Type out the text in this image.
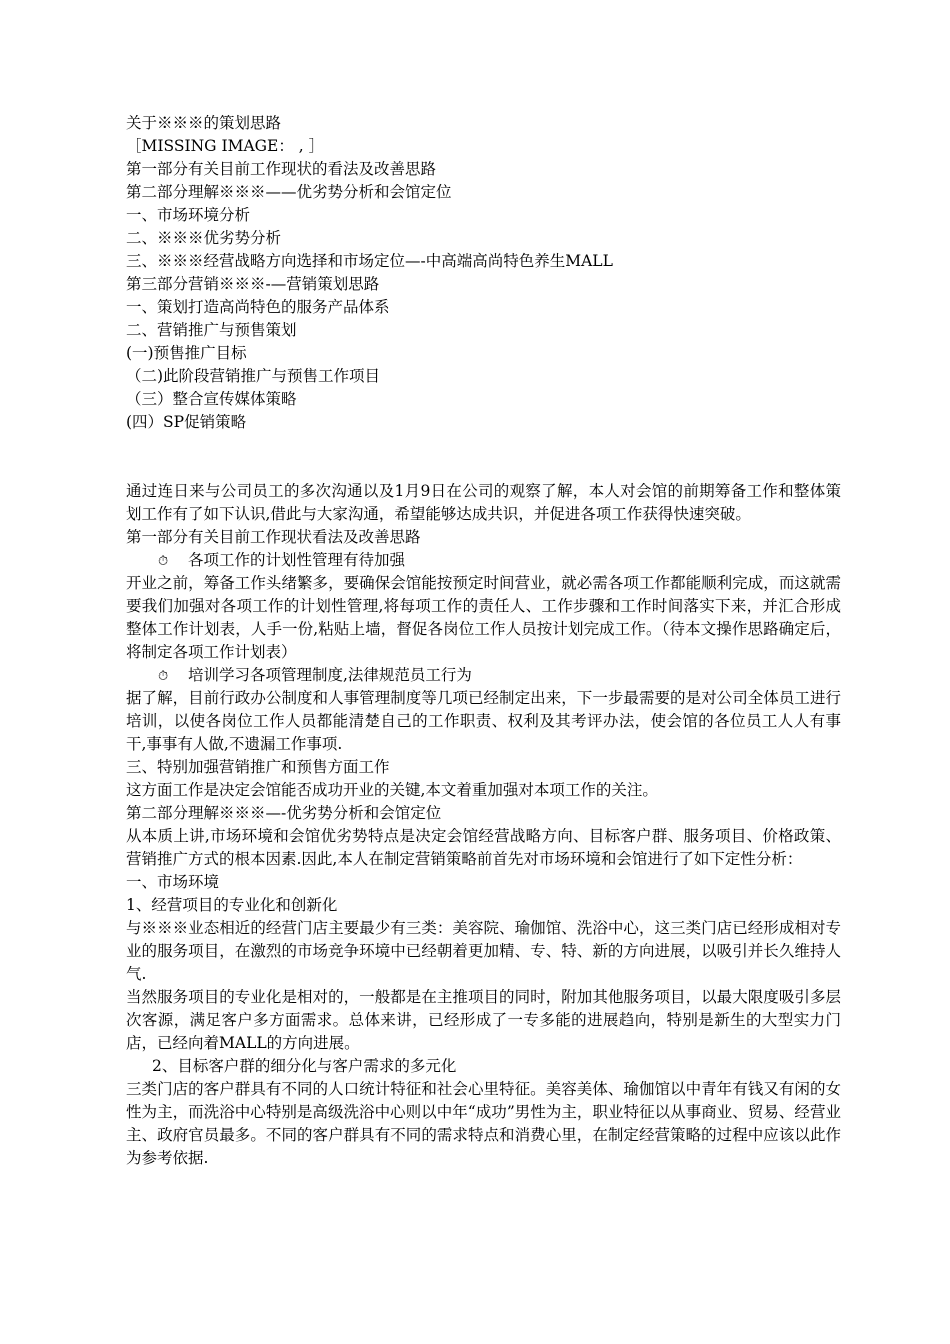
关于※※※的策划思路
［MISSING IMAGE： , ］
第一部分有关目前工作现状的看法及改善思路
第二部分理解※※※——优劣势分析和会馆定位
一、市场环境分析
二、※※※优劣势分析
三、※※※经营战略方向选择和市场定位—-中高端高尚特色养生MALL
第三部分营销※※※-—营销策划思路
一、策划打造高尚特色的服务产品体系
二、营销推广与预售策划
(一)预售推广目标
（二)此阶段营销推广与预售工作项目
（三）整合宣传媒体策略
(四）SP促销策略
通过连日来与公司员工的多次沟通以及1月9日在公司的观察了解，本人对会馆的前期筹备工作和整体策划工作有了如下认识,借此与大家沟通，希望能够达成共识，并促进各项工作获得快速突破。
第一部分有关目前工作现状看法及改善思路
⏱ 各项工作的计划性管理有待加强
开业之前，筹备工作头绪繁多，要确保会馆能按预定时间营业，就必需各项工作都能顺利完成，而这就需要我们加强对各项工作的计划性管理,将每项工作的责任人、工作步骤和工作时间落实下来，并汇合形成整体工作计划表，人手一份,粘贴上墙，督促各岗位工作人员按计划完成工作。（待本文操作思路确定后，将制定各项工作计划表）
⏱ 培训学习各项管理制度,法律规范员工行为
据了解，目前行政办公制度和人事管理制度等几项已经制定出来，下一步最需要的是对公司全体员工进行培训，以使各岗位工作人员都能清楚自己的工作职责、权利及其考评办法，使会馆的各位员工人人有事干,事事有人做,不遗漏工作事项.
三、特别加强营销推广和预售方面工作
这方面工作是决定会馆能否成功开业的关键,本文着重加强对本项工作的关注。
第二部分理解※※※—-优劣势分析和会馆定位
从本质上讲,市场环境和会馆优劣势特点是决定会馆经营战略方向、目标客户群、服务项目、价格政策、营销推广方式的根本因素.因此,本人在制定营销策略前首先对市场环境和会馆进行了如下定性分析：
一、市场环境
1、经营项目的专业化和创新化
与※※※业态相近的经营门店主要最少有三类：美容院、瑜伽馆、洗浴中心，这三类门店已经形成相对专业的服务项目，在激烈的市场竞争环境中已经朝着更加精、专、特、新的方向进展，以吸引并长久维持人气.
当然服务项目的专业化是相对的，一般都是在主推项目的同时，附加其他服务项目，以最大限度吸引多层次客源，满足客户多方面需求。总体来讲，已经形成了一专多能的进展趋向，特别是新生的大型实力门店，已经向着MALL的方向进展。
2、目标客户群的细分化与客户需求的多元化
三类门店的客户群具有不同的人口统计特征和社会心里特征。美容美体、瑜伽馆以中青年有钱又有闲的女性为主，而洗浴中心特别是高级洗浴中心则以中年“成功”男性为主，职业特征以从事商业、贸易、经营业主、政府官员最多。不同的客户群具有不同的需求特点和消费心里，在制定经营策略的过程中应该以此作为参考依据.
